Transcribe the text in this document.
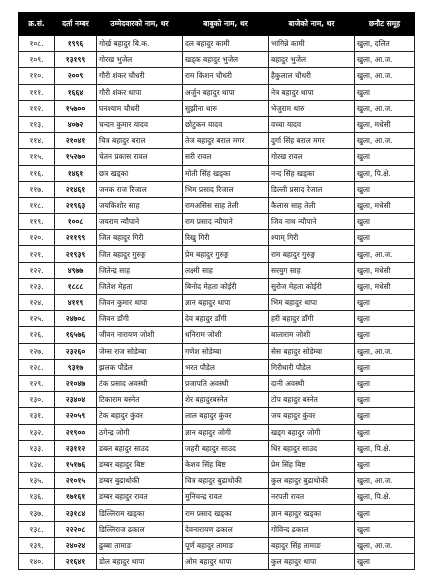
क्र.सं.	दर्ता नम्बर	उम्मेदवारको नाम, थर	बाबुको नाम, थर	बाजेको नाम, थर	छनौट समूह
१०८.	१९९६	गोर्ख बहादुर बि.क.	दल बहादुर कामी	भागिन्ने कामी	खुला, दलित
१०९.	१३१९९	गोरख भुजेल	खड्क बहादुर भुजेल	बहादुर भुजेल	खुला, आ.ज.
११०.	२००९	गौरी शंकर चौधरी	राम किशन चौधरी	हैकुलाल चौधरी	खुला, आ.ज.
१११.	१६६४	गौरी शंकर थापा	अर्जुन बहादुर थापा	नेत्र बहादुर थापा	खुला
११२.	१५७००	घनश्याम चौधरी	सुझीना थारु	भेजुराम थारु	खुला, आ.ज.
११३.	४०७२	चन्दन कुमार यादव	छोटुकन यादव	वच्चा यादव	खुला, मधेसी
११४.	२१०४१	चित्र बहादुर बराल	तेज बहादुर बराल मगर	दुर्गा सिंह बराल मगर	खुला, आ.ज.
११५.	१५२७०	चेतन प्रकास रावल	सरी रावल	गोरख रावल	खुला
११६.	१४६१	छत्र खड्का	मोती सिंह खड्का	नन्द सिंह खड्का	खुला, पि.क्षे.
११७.	२१४६१	जनक राज रिजाल	भिम प्रसाद रिजाल	डिल्ली प्रसाद रेजाल	खुला
११८.	२१९६३	जयकिशोर साह	रामअसिस साह तेली	कैलास साह तेली	खुला, मधेसी
११९.	१००८	जयराम न्यौपाने	राम प्रसाद न्यौपाने	जिव नाथ न्यौपाने	खुला
१२०.	२११९९	जित बहादुर गिरी	रिखु गिरी	श्याम् गिरी	खुला
१२१.	२१९३९	जित बहादुर गुरुङ्ग	प्रेम बहादुर गुरुङ्ग	राम बहादुर गुरुङ्ग	खुला, आ.ज.
१२२.	४९७७	जितेन्द्र साह	लक्ष्मी साह	सरयुग साह	खुला, मधेसी
१२३.	१८८८	जितेश मेहता	बिनोद मेहता कोईरी	सुरोज मेहता कोईरी	खुला, मधेसी
१२४.	४११९	जिवन कुमार थापा	ज्ञान बहादुर थापा	भिम बहादुर थापा	खुला
१२५.	२४७०८	जिवन डाँगी	देव बहादुर डाँगी	हरी बहादुर डाँगी	खुला
१२६.	१६५७६	जीवन नारायण जोशी	धनिराम जोशी	बालाराम जोशी	खुला
१२७.	२३२६०	जेम्स राज सोडेम्बा	गणेश सोडेम्बा	सेस बहादुर सोडेम्बा	खुला, आ.ज.
१२८.	९३१७	झलक पौडेल	भरत पौडेल	गिरीधारी पौडेल	खुला
१२९.	२१०४७	टंक प्रसाद अवस्थी	प्रजापति अवस्थी	दानी अवस्थी	खुला
१३०.	२३४०४	टिकाराम बस्नेत	शेर बहादुरबस्नेत	टोप बहादुर बस्नेत	खुला
१३१.	२२०५९	टेक बहादुर कुंवर	लाल बहादुर कुंवर	जय बहादुर कुंवर	खुला
१३२.	२१९००	ठगेन्द्र जोगी	ज्ञान बहादुर जोगी	खड्ग बहादुर जोगी	खुला
१३३.	२३११२	डबल बहादुर साउद	जहरी बहादुर साउद	धिर बहादुर साउद	खुला, पि.क्षे.
१३४.	१५१७६	डम्बर बहादुर बिष्ट	केशव सिंह बिष्ट	प्रेम सिंह बिष्ट	खुला
१३५.	२१०१५	डम्बर बुढाथोकी	चित्र बहादुर बुढाथोकी	कुल बहादुर बुढाथोकी	खुला, आ.ज.
१३६.	१७१६१	डम्बर बहादुर रावत	मुनिचन्द्र रावत	नरपती रावत	खुला, पि.क्षे.
१३७.	२३१८४	डिल्लिराम खड्का	राम प्रसाद खड्का	ज्ञान बहादुर खड्का	खुला
१३८.	२२२०८	डिल्लिराज ढकाल	देवनारायण ढकाल	गोविन्द ढकाल	खुला
१३९.	२४०२४	ढुब्बा तामाङ	पूर्ण बहादुर तामाङ	बहादुर सिंह तामाङ	खुला, आ.ज.
१४०.	२१६४१	डोल बहादुर थापा	ओम बहादुर थापा	कुल बहादुर थापा	खुला
